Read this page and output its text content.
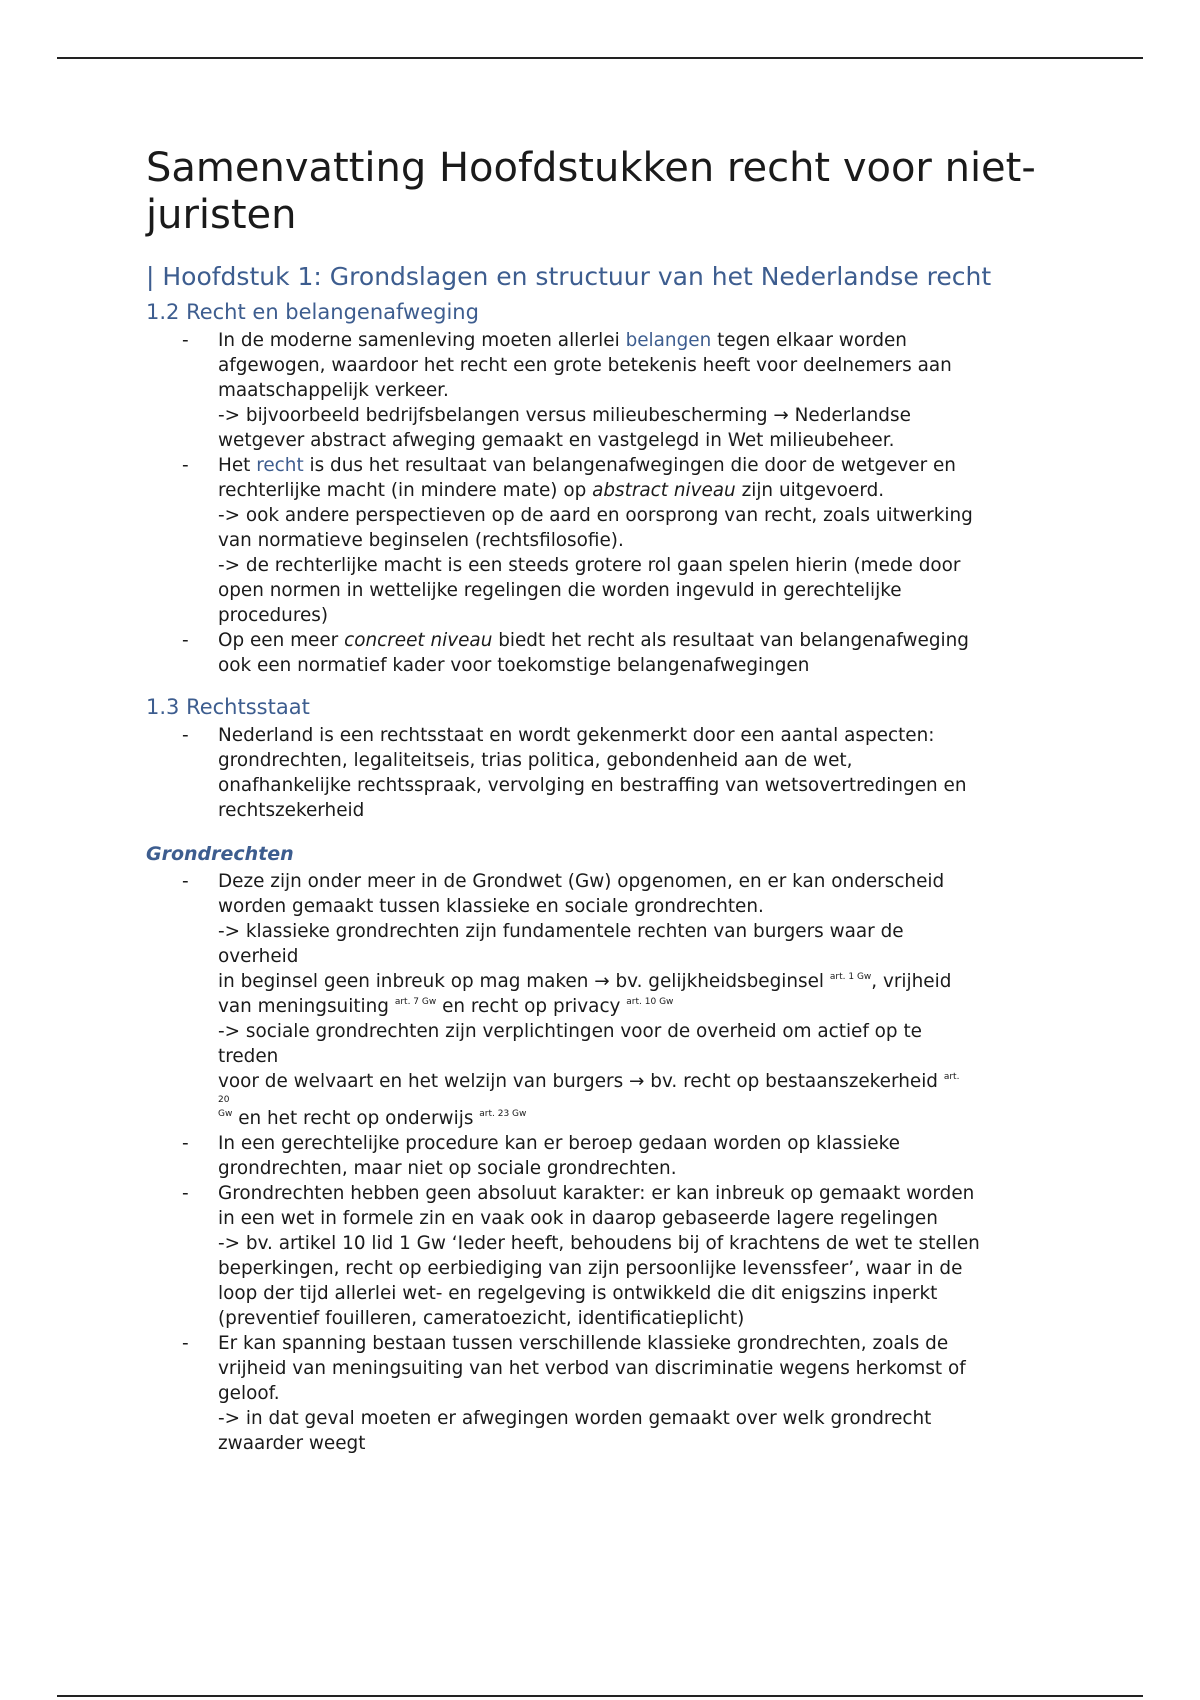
Samenvatting Hoofdstukken recht voor niet-
juristen
| Hoofdstuk 1: Grondslagen en structuur van het Nederlandse recht
1.2 Recht en belangenafweging
- In de moderne samenleving moeten allerlei belangen tegen elkaar worden
afgewogen, waardoor het recht een grote betekenis heeft voor deelnemers aan
maatschappelijk verkeer.
-> bijvoorbeeld bedrijfsbelangen versus milieubescherming → Nederlandse
wetgever abstract afweging gemaakt en vastgelegd in Wet milieubeheer.
- Het recht is dus het resultaat van belangenafwegingen die door de wetgever en
rechterlijke macht (in mindere mate) op abstract niveau zijn uitgevoerd.
-> ook andere perspectieven op de aard en oorsprong van recht, zoals uitwerking
van normatieve beginselen (rechtsfilosofie).
-> de rechterlijke macht is een steeds grotere rol gaan spelen hierin (mede door
open normen in wettelijke regelingen die worden ingevuld in gerechtelijke
procedures)
- Op een meer concreet niveau biedt het recht als resultaat van belangenafweging
ook een normatief kader voor toekomstige belangenafwegingen
1.3 Rechtsstaat
- Nederland is een rechtsstaat en wordt gekenmerkt door een aantal aspecten:
grondrechten, legaliteitseis, trias politica, gebondenheid aan de wet,
onafhankelijke rechtsspraak, vervolging en bestraffing van wetsovertredingen en
rechtszekerheid
Grondrechten
- Deze zijn onder meer in de Grondwet (Gw) opgenomen, en er kan onderscheid
worden gemaakt tussen klassieke en sociale grondrechten.
-> klassieke grondrechten zijn fundamentele rechten van burgers waar de
overheid
in beginsel geen inbreuk op mag maken → bv. gelijkheidsbeginsel $^{art. 1 Gw}$, vrijheid
van meningsuiting $^{art. 7 Gw}$ en recht op privacy $^{art. 10 Gw}$
-> sociale grondrechten zijn verplichtingen voor de overheid om actief op te
treden
voor de welvaart en het welzijn van burgers → bv. recht op bestaanszekerheid $^{art.}$
20
$^{Gw}$ en het recht op onderwijs $^{art. 23 Gw}$
- In een gerechtelijke procedure kan er beroep gedaan worden op klassieke
grondrechten, maar niet op sociale grondrechten.
- Grondrechten hebben geen absoluut karakter: er kan inbreuk op gemaakt worden
in een wet in formele zin en vaak ook in daarop gebaseerde lagere regelingen
-> bv. artikel 10 lid 1 Gw ‘Ieder heeft, behoudens bij of krachtens de wet te stellen
beperkingen, recht op eerbiediging van zijn persoonlijke levenssfeer’, waar in de
loop der tijd allerlei wet- en regelgeving is ontwikkeld die dit enigszins inperkt
(preventief fouilleren, cameratoezicht, identificatieplicht)
- Er kan spanning bestaan tussen verschillende klassieke grondrechten, zoals de
vrijheid van meningsuiting van het verbod van discriminatie wegens herkomst of
geloof.
-> in dat geval moeten er afwegingen worden gemaakt over welk grondrecht
zwaarder weegt
